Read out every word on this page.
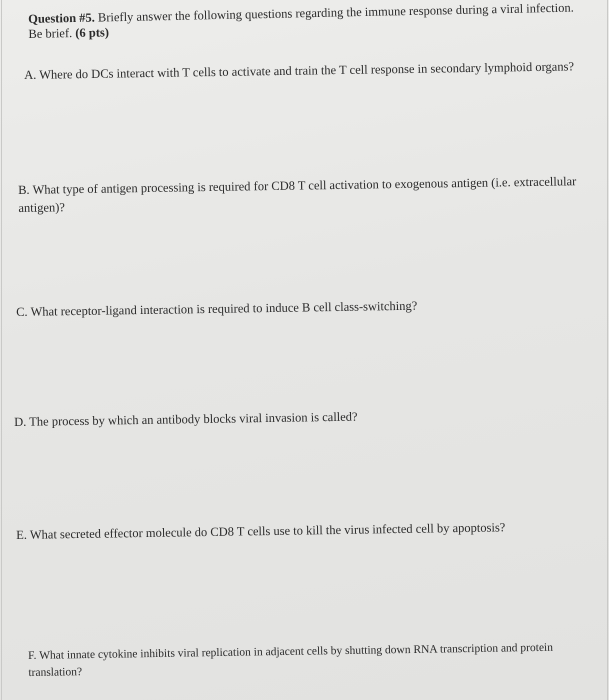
Question #5. Briefly answer the following questions regarding the immune response during a viral infection. Be brief. (6 pts)
A. Where do DCs interact with T cells to activate and train the T cell response in secondary lymphoid organs?
B. What type of antigen processing is required for CD8 T cell activation to exogenous antigen (i.e. extracellular antigen)?
C. What receptor-ligand interaction is required to induce B cell class-switching?
D. The process by which an antibody blocks viral invasion is called?
E. What secreted effector molecule do CD8 T cells use to kill the virus infected cell by apoptosis?
F. What innate cytokine inhibits viral replication in adjacent cells by shutting down RNA transcription and protein translation?
